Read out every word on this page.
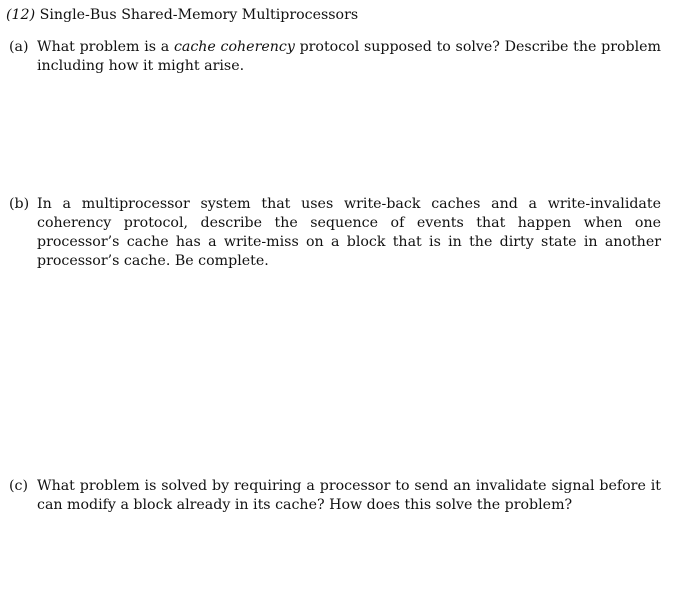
(12) Single-Bus Shared-Memory Multiprocessors
(a) What problem is a cache coherency protocol supposed to solve? Describe the problem including how it might arise.
(b) In a multiprocessor system that uses write-back caches and a write-invalidate coherency protocol, describe the sequence of events that happen when one processor’s cache has a write-miss on a block that is in the dirty state in another processor’s cache. Be complete.
(c) What problem is solved by requiring a processor to send an invalidate signal before it can modify a block already in its cache? How does this solve the problem?
